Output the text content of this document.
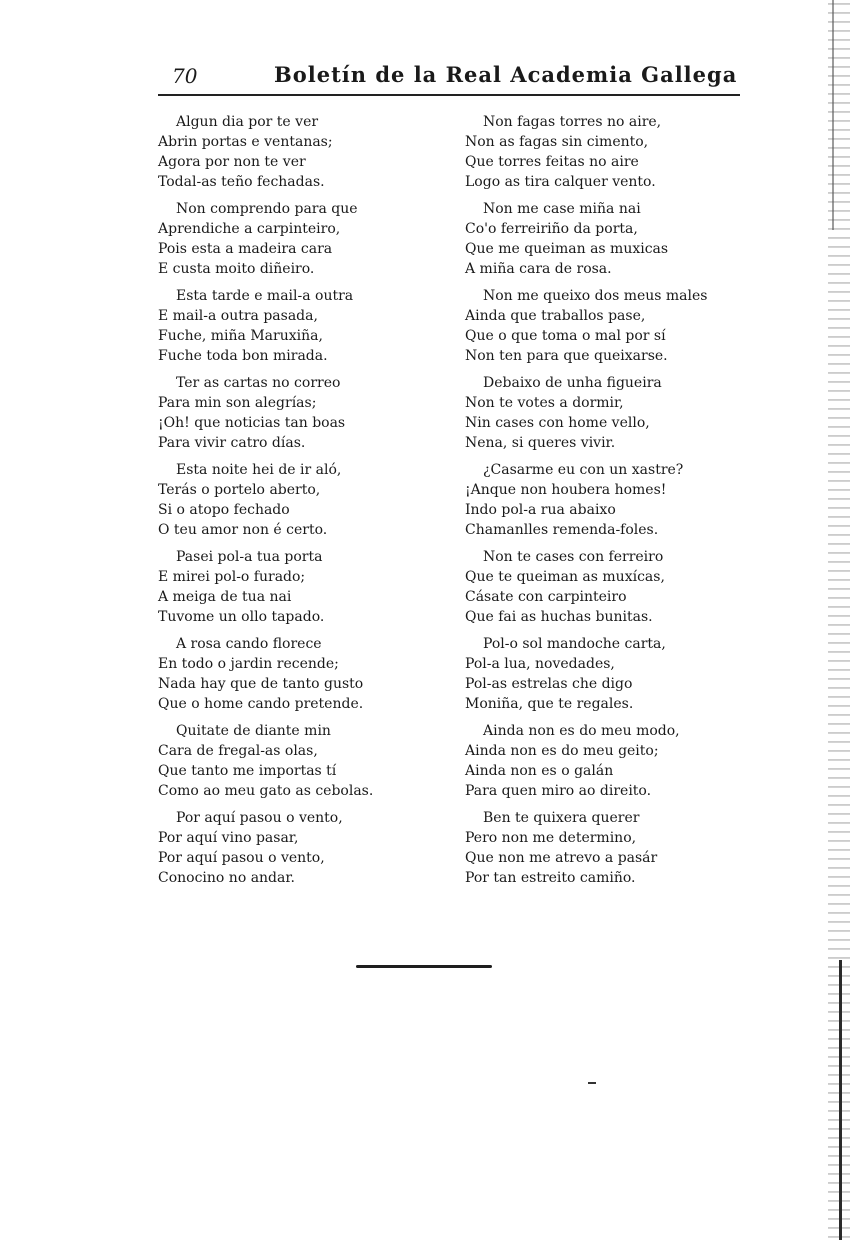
70	Boletín de la Real Academia Gallega
Algun dia por te ver
Abrin portas e ventanas;
Agora por non te ver
Todal-as teño fechadas.
Non comprendo para que
Aprendiche a carpinteiro,
Pois esta a madeira cara
E custa moito diñeiro.
Esta tarde e mail-a outra
E mail-a outra pasada,
Fuche, miña Maruxiña,
Fuche toda bon mirada.
Ter as cartas no correo
Para min son alegrías;
¡Oh! que noticias tan boas
Para vivir catro días.
Esta noite hei de ir aló,
Terás o portelo aberto,
Si o atopo fechado
O teu amor non é certo.
Pasei pol-a tua porta
E mirei pol-o furado;
A meiga de tua nai
Tuvome un ollo tapado.
A rosa cando florece
En todo o jardin recende;
Nada hay que de tanto gusto
Que o home cando pretende.
Quitate de diante min
Cara de fregal-as olas,
Que tanto me importas tí
Como ao meu gato as cebolas.
Por aquí pasou o vento,
Por aquí vino pasar,
Por aquí pasou o vento,
Conocino no andar.
Non fagas torres no aire,
Non as fagas sin cimento,
Que torres feitas no aire
Logo as tira calquer vento.
Non me case miña nai
Co'o ferreiriño da porta,
Que me queiman as muxicas
A miña cara de rosa.
Non me queixo dos meus males
Ainda que traballos pase,
Que o que toma o mal por sí
Non ten para que queixarse.
Debaixo de unha figueira
Non te votes a dormir,
Nin cases con home vello,
Nena, si queres vivir.
¿Casarme eu con un xastre?
¡Anque non houbera homes!
Indo pol-a rua abaixo
Chamanlles remenda-foles.
Non te cases con ferreiro
Que te queiman as muxícas,
Cásate con carpinteiro
Que fai as huchas bunitas.
Pol-o sol mandoche carta,
Pol-a lua, novedades,
Pol-as estrelas che digo
Moniña, que te regales.
Ainda non es do meu modo,
Ainda non es do meu geito;
Ainda non es o galán
Para quen miro ao direito.
Ben te quixera querer
Pero non me determino,
Que non me atrevo a pasár
Por tan estreito camiño.
